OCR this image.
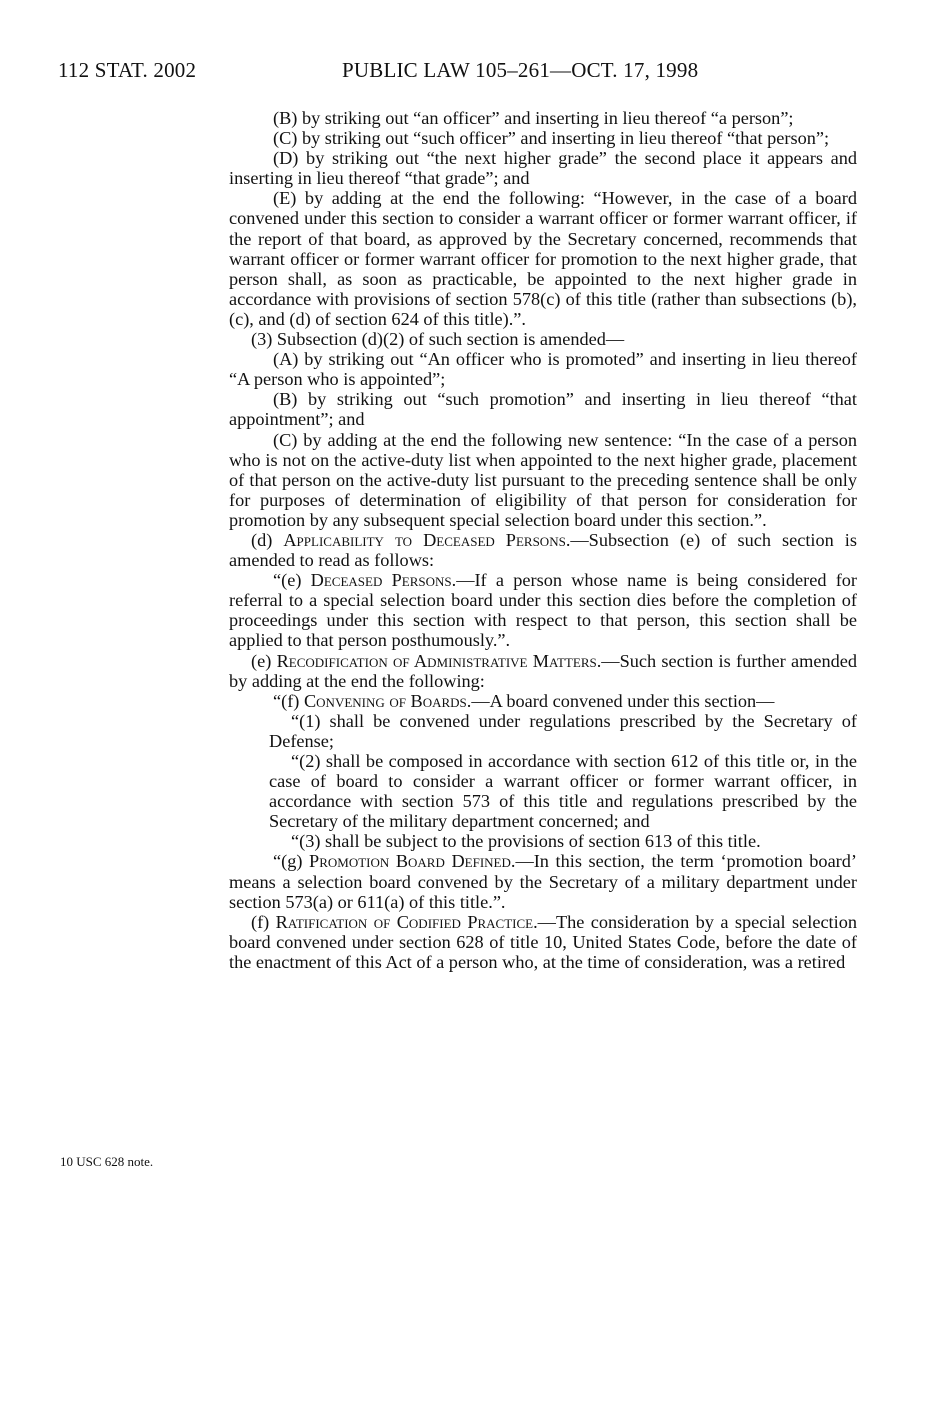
112 STAT. 2002	PUBLIC LAW 105–261—OCT. 17, 1998
10 USC 628 note.

(B) by striking out “an officer” and inserting in lieu thereof “a person”;

(C) by striking out “such officer” and inserting in lieu thereof “that person”;

(D) by striking out “the next higher grade” the second place it appears and inserting in lieu thereof “that grade”; and

(E) by adding at the end the following: “However, in the case of a board convened under this section to consider a warrant officer or former warrant officer, if the report of that board, as approved by the Secretary concerned, recommends that warrant officer or former warrant officer for promotion to the next higher grade, that person shall, as soon as practicable, be appointed to the next higher grade in accordance with provisions of section 578(c) of this title (rather than subsections (b), (c), and (d) of section 624 of this title).”.

(3) Subsection (d)(2) of such section is amended—

(A) by striking out “An officer who is promoted” and inserting in lieu thereof “A person who is appointed”;

(B) by striking out “such promotion” and inserting in lieu thereof “that appointment”; and

(C) by adding at the end the following new sentence: “In the case of a person who is not on the active-duty list when appointed to the next higher grade, placement of that person on the active-duty list pursuant to the preceding sentence shall be only for purposes of determination of eligibility of that person for consideration for promotion by any subsequent special selection board under this section.”.

(d) Applicability to Deceased Persons.—Subsection (e) of such section is amended to read as follows:

“(e) Deceased Persons.—If a person whose name is being considered for referral to a special selection board under this section dies before the completion of proceedings under this section with respect to that person, this section shall be applied to that person posthumously.”.

(e) Recodification of Administrative Matters.—Such section is further amended by adding at the end the following:

“(f) Convening of Boards.—A board convened under this section—

“(1) shall be convened under regulations prescribed by the Secretary of Defense;

“(2) shall be composed in accordance with section 612 of this title or, in the case of board to consider a warrant officer or former warrant officer, in accordance with section 573 of this title and regulations prescribed by the Secretary of the military department concerned; and

“(3) shall be subject to the provisions of section 613 of this title.

“(g) Promotion Board Defined.—In this section, the term ‘promotion board’ means a selection board convened by the Secretary of a military department under section 573(a) or 611(a) of this title.”.

(f) Ratification of Codified Practice.—The consideration by a special selection board convened under section 628 of title 10, United States Code, before the date of the enactment of this Act of a person who, at the time of consideration, was a retired
